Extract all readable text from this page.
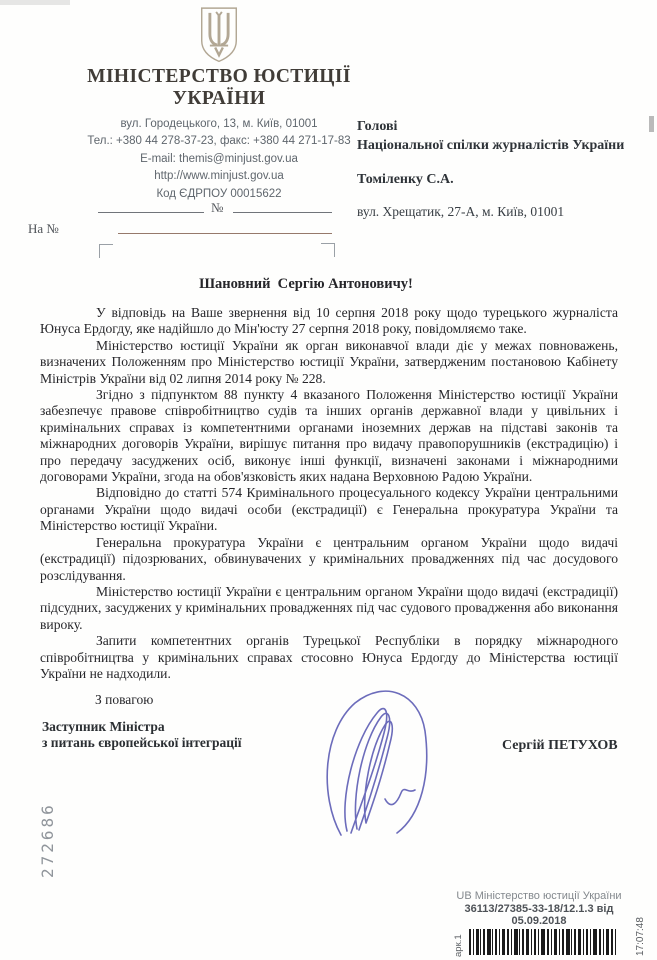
МІНІСТЕРСТВО ЮСТИЦІЇ
УКРАЇНИ
вул. Городецького, 13, м. Київ, 01001
Тел.: +380 44 278-37-23, факс: +380 44 271-17-83
E-mail: themis@minjust.gov.ua
http://www.minjust.gov.ua
Код ЄДРПОУ 00015622
№
На №
Голові
Національної спілки журналістів України
Томіленку С.А.
вул. Хрещатик, 27-А, м. Київ, 01001
Шановний  Сергію Антоновичу!

У відповідь на Ваше звернення від 10 серпня 2018 року щодо турецького журналіста Юнуса Ердогду, яке надійшло до Мін'юсту 27 серпня 2018 року, повідомляємо таке.

Міністерство юстиції України як орган виконавчої влади діє у межах повноважень, визначених Положенням про Міністерство юстиції України, затвердженим постановою Кабінету Міністрів України від 02 липня 2014 року № 228.

Згідно з підпунктом 88 пункту 4 вказаного Положення Міністерство юстиції України забезпечує правове співробітництво судів та інших органів державної влади у цивільних і кримінальних справах із компетентними органами іноземних держав на підставі законів та міжнародних договорів України, вирішує питання про видачу правопорушників (екстрадицію) і про передачу засуджених осіб, виконує інші функції, визначені законами і міжнародними договорами України, згода на обов'язковість яких надана Верховною Радою України.

Відповідно до статті 574 Кримінального процесуального кодексу України центральними органами України щодо видачі особи (екстрадиції) є Генеральна прокуратура України та Міністерство юстиції України.

Генеральна прокуратура України є центральним органом України щодо видачі (екстрадиції) підозрюваних, обвинувачених у кримінальних провадженнях під час досудового розслідування.

Міністерство юстиції України є центральним органом України щодо видачі (екстрадиції) підсудних, засуджених у кримінальних провадженнях під час судового провадження або виконання вироку.

Запити компетентних органів Турецької Республіки в порядку міжнародного співробітництва у кримінальних справах стосовно Юнуса Ердогду до Міністерства юстиції України не надходили.

З повагою
Заступник Міністра
з питань європейської інтеграції	Сергій ПЕТУХОВ
272686
UB Міністерство юстиції України
36113/27385-33-18/12.1.3 від
05.09.2018
арк.1	17:07:48
